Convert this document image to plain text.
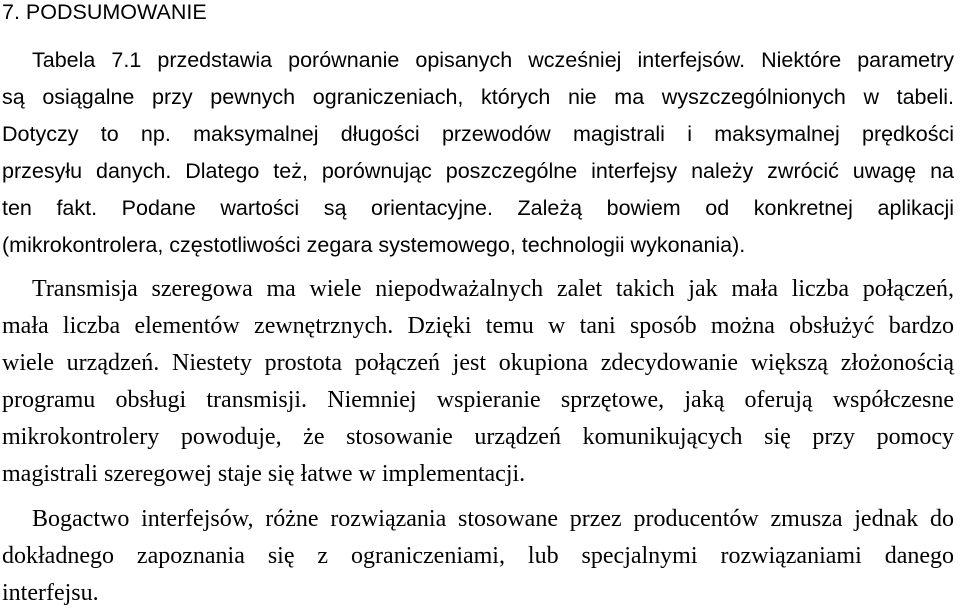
7. PODSUMOWANIE
Tabela 7.1 przedstawia porównanie opisanych wcześniej interfejsów. Niektóre parametry
są osiągalne przy pewnych ograniczeniach, których nie ma wyszczególnionych w tabeli.
Dotyczy to np. maksymalnej długości przewodów magistrali i maksymalnej prędkości
przesyłu danych. Dlatego też, porównując poszczególne interfejsy należy zwrócić uwagę na
ten fakt. Podane wartości są orientacyjne. Zależą bowiem od konkretnej aplikacji
(mikrokontrolera, częstotliwości zegara systemowego, technologii wykonania).
Transmisja szeregowa ma wiele niepodważalnych zalet takich jak mała liczba połączeń,
mała liczba elementów zewnętrznych. Dzięki temu w tani sposób można obsłużyć bardzo
wiele urządzeń. Niestety prostota połączeń jest okupiona zdecydowanie większą złożonością
programu obsługi transmisji. Niemniej wspieranie sprzętowe, jaką oferują współczesne
mikrokontrolery powoduje, że stosowanie urządzeń komunikujących się przy pomocy
magistrali szeregowej staje się łatwe w implementacji.
Bogactwo interfejsów, różne rozwiązania stosowane przez producentów zmusza jednak do
dokładnego zapoznania się z ograniczeniami, lub specjalnymi rozwiązaniami danego
interfejsu.
